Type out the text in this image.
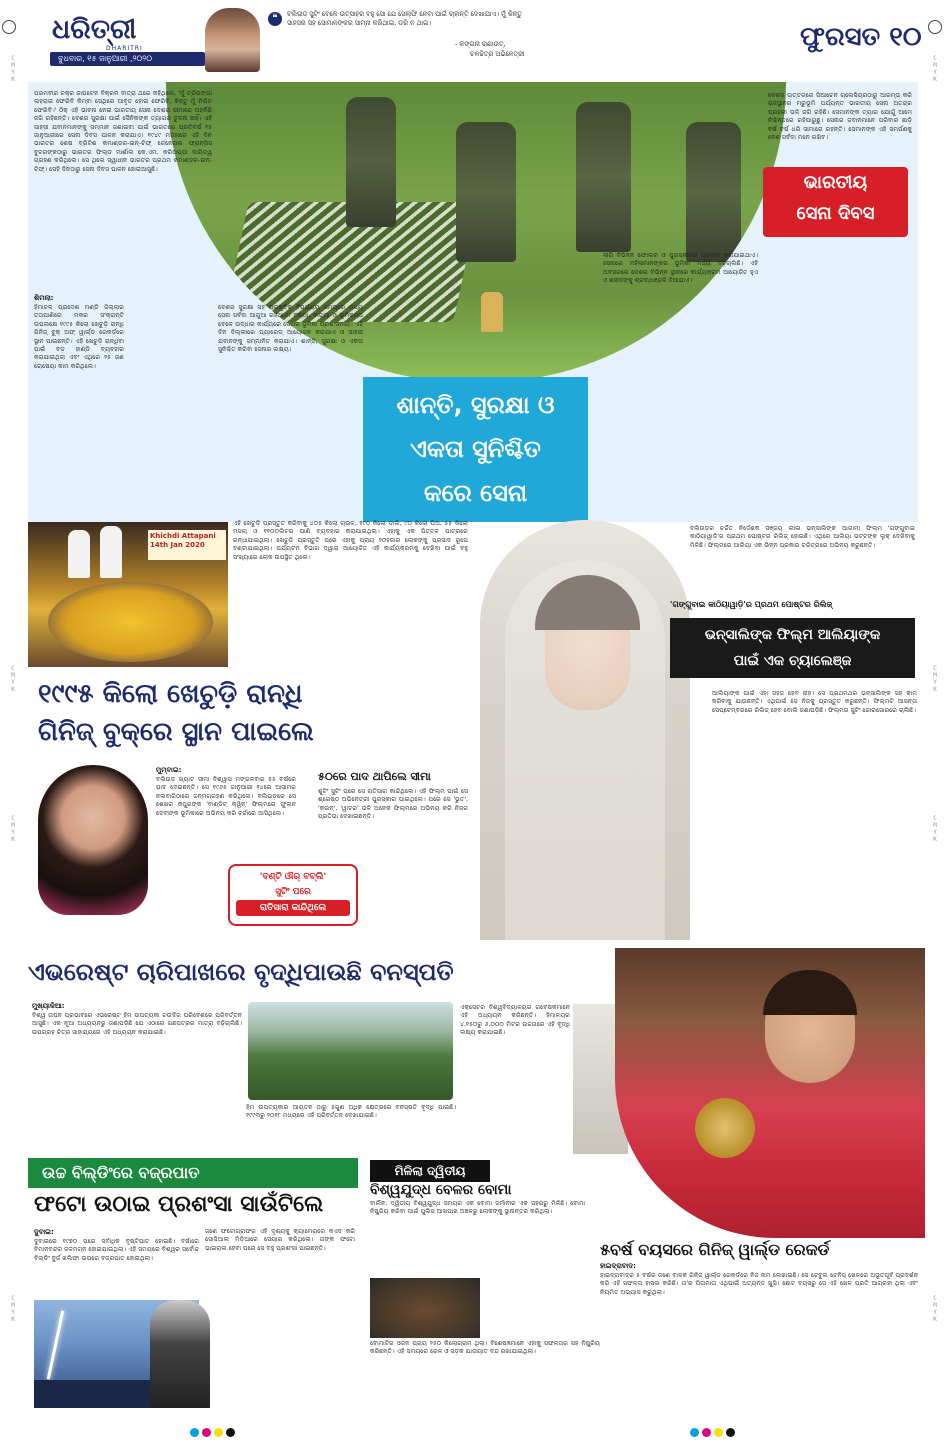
ଧରିତ୍ରୀ
DHARITRI
ବୁଧବାର, ୧୫ ଜାନୁଆରୀ ,୨୦୨୦
❝	ବଲିଉଡ଼ ସୁଟିଂ ବେଳେ ଉତ୍ସାହର ବହୁ ସୋ ଯେ ସେଲ୍‌ଫି ନେବା ପାଇଁ ଚାହାନ୍ତି ଦେଖାଯାଏ। ମୁଁ କିନ୍ତୁ ସାହସର ସହ ସୋମାନଙ୍କର ସାମ୍ନା କରିଥାଇ, ଡରି ନ ଥାଇ।
- କଙ୍ଗନା ରାଣାଉତ୍‌,
ଚଳଚ୍ଚିତ୍ର ଅଭିନେତ୍ରୀ
ଫୁରସତ ୧୦
C
M
Y
K
C
M
Y
K
C
M
Y
K
C
M
Y
K
C
M
Y
K
C
M
Y
K
C
M
Y
K
C
M
Y
K
ଭାରତୀୟ
ସେନା ଦିବସ
ପରମବୀର ଚକ୍ର ଜାପଟେନ ବିକ୍ରମ ବାତ୍ରା ଥରେ କହିଥିଲେ, 'ମୁଁ ତ୍ରିରଙ୍ଗା ଲହରାଇ ଫେରିବି କିମ୍ବା ସେଥିରେ ଆବୃତ ହୋଇ ଫେରିବି, କିନ୍ତୁ ମୁଁ ନିଶ୍ଚିତ ଫେରିବି।' ଠିକ୍ ଏହି ଭାବନା ନେଇ ଭାରତୀୟ ସେନା ଦେଶର ସୀମାରେ ଅହର୍ନିଶି ଜଗି ରହିଛନ୍ତି। ଦେଶର ସୁରକ୍ଷା ପାଇଁ ସୈନିକଙ୍କ ତ୍ୟାଗର ତୁଳନା ନାହିଁ। ଏହି ସାହସୀ ଯବାନମାନଙ୍କୁ ସମ୍ମାନ ଜଣାଇବା ପାଇଁ ଭାରତରେ ପ୍ରତିବର୍ଷ ୧୫ ଜାନୁଆରୀରେ ସେନା ଦିବସ ପାଳନ କରାଯାଏ। ୧୯୪୯ ମସିହାରେ ଏହି ଦିନ ଭାରତର ଶେଷ ବ୍ରିଟିଶ କମାଣ୍ଡର-ଇନ୍‌-ଚିଫ୍ ଜେନେରାଲ ଫ୍ରାନ୍ସିସ ବୁଚରଙ୍କଠାରୁ ଭାରତର ଫିଲ୍ଡ ମାର୍ଶାଲ କେ.ଏମ. କରିଅପ୍ପା ଦାୟିତ୍ୱ ଗ୍ରହଣ କରିଥିଲେ। ସେ ଥିଲେ ସ୍ୱାଧୀନ ଭାରତର ପ୍ରଥମ କମାଣ୍ଡର-ଇନ୍‌-ଚିଫ୍। ସେହି ଦିନଠାରୁ ସେନା ଦିବସ ପାଳନ ହୋଇଆସୁଛି।
ଦେଶର ସୁରକ୍ଷା ସହ ପ୍ରାକୃତିକ ବିପର୍ଯ୍ୟୟ ସମୟରେ ମଧ୍ୟ ସେନା ସର୍ବଦା ଆଗୁଆ ରହିଥାଏ। ବନ୍ୟା, ବାତ୍ୟା ଓ ଭୂମିକମ୍ପ ବେଳେ ଉଦ୍ଧାର କାର୍ଯ୍ୟରେ ସେନାର ଭୂମିକା ପ୍ରଶଂସନୀୟ। ଏହି ଦିନ ଦିଲ୍ଲୀରେ ପ୍ୟାରେଡ୍ ଆୟୋଜନ କରାଯାଏ ଓ ସାହସୀ ଯବାନଙ୍କୁ ସମ୍ମାନିତ କରାଯାଏ। ଶାନ୍ତି, ସୁରକ୍ଷା ଓ ଏକତା ସୁନିଶ୍ଚିତ କରିବା ସେନାର ଲକ୍ଷ୍ୟ।
ଦେଶର ଉତ୍ତରରେ ସିଆଚେନ ଗ୍ଲେସିୟରଠାରୁ ଆରମ୍ଭ କରି ରାଜସ୍ଥାନର ମରୁଭୂମି ପର୍ଯ୍ୟନ୍ତ ଭାରତୀୟ ସେନା ଅତନ୍ଦ୍ର ପ୍ରହରୀ ଭଳି ଜଗି ରହିଛି। ସେମାନଙ୍କ ତ୍ୟାଗ ଯୋଗୁଁ ଆମେ ନିଶ୍ଚିନ୍ତରେ ରହିପାରୁଛୁ। ସେନାର ଜବାନମାନେ ପରିବାର ଛାଡ଼ି ବର୍ଷ ବର୍ଷ ଧରି ସୀମାରେ ରହନ୍ତି। ସେମାନଙ୍କ ଏହି ସମର୍ପଣକୁ ଦେଶ ସର୍ବଦା ମନେ ରଖିବ।
ଲାଗି ବିଭିନ୍ନ ଫୋଲର ଓ ପୁରସ୍କାରର ପ୍ରଦାନ କରାଯାଇଥାଏ। ସେନାରେ ମହିଳାମାନଙ୍କର ଭୂମିକା ମଧ୍ୟ ବଢ଼ିଚାଲିଛି। ଏହି ଅବସରରେ ଦେଶର ବିଭିନ୍ନ ସ୍ଥାନରେ କାର୍ଯ୍ୟକ୍ରମ ଆୟୋଜିତ ହୁଏ ଓ ଶହୀଦଙ୍କୁ ଶ୍ରଦ୍ଧାଞ୍ଜଳି ଦିଆଯାଏ।
ଶାନ୍ତି, ସୁରକ୍ଷା ଓ
ଏକତା ସୁନିଶ୍ଚିତ
କରେ ସେନା
ଶିମଲା:
ହିମାଚଳ ପ୍ରଦେଶ ମଣ୍ଡି ଜିଲ୍ଲାର ତତାପାଣିରେ ମକର ସଂକ୍ରାନ୍ତି ଉପଲକ୍ଷେ ୧୯୯୫ କିଲୋ ଖେଚୁଡ଼ି ରାନ୍ଧି ଗିନିଜ୍ ବୁକ୍ ଅଫ୍ ୱାର୍ଲ୍ଡ ରେକର୍ଡରେ ସ୍ଥାନ ପାଇଛନ୍ତି। ଏହି ଖେଚୁଡ଼ି ରାନ୍ଧିବା ପାଇଁ ବଡ଼ ହାଣ୍ଡି ବ୍ୟବହାର କରାଯାଇଥିଲା ଏବଂ ଏଥିରେ ୨୫ ଜଣ ରୋଷେୟା କାମ କରିଥିଲେ।
Khichdi Attapani 14th Jan 2020
ଏହି ଖେଚୁଡ଼ି ପ୍ରସ୍ତୁତ କରିବାକୁ ୪୦୫ କିଲୋ ଚାଉଳ, ୧୯୦ କିଲୋ ଡାଲି, ୯୦ କିଲୋ ଘିଅ, ୫୫ କିଲୋ ମସଲା ଓ ୧୧୦୦ଲିଟର ପାଣି ବ୍ୟବହାର କରାଯାଇଥିଲା। ଏହାକୁ ଏକ ପିତ୍ତଳ ପାତ୍ରରେ ରନ୍ଧାଯାଇଥିଲା। ଖେଚୁଡ଼ି ପ୍ରସ୍ତୁତି ପରେ ଏହାକୁ ପ୍ରାୟ ୨୦ହଜାର ଲୋକଙ୍କୁ ପ୍ରସାଦ ରୂପେ ବଣ୍ଟାଯାଇଥିଲା। ପର୍ଯ୍ୟଟନ ବିଭାଗ ଦ୍ୱାରା ଆୟୋଜିତ ଏହି କାର୍ଯ୍ୟକ୍ରମକୁ ଦେଖିବା ପାଇଁ ବହୁ ସଂଖ୍ୟାରେ ଲୋକ ଉପସ୍ଥିତ ଥିଲେ।
୧୯୯୫ କିଲୋ ଖେଚୁଡ଼ି ରାନ୍ଧି
ଗିନିଜ୍ ବୁକ୍‌ରେ ସ୍ଥାନ ପାଇଲେ
ମୁମ୍ବାଇ:
ବଲିଉଡ଼ ଖ୍ୟାତ ସୀମା ବିଶ୍ୱାସ ମଙ୍ଗଳବାର ୫୫ ବର୍ଷରେ ପାଦ ଦେଇଛନ୍ତି। ସେ ୧୯୬୫ ଜାନୁଆରୀ ୧୪ରେ ଆସାମର ନଲବାରିଠାରେ ଜନ୍ମଗ୍ରହଣ କରିଥିଲେ। ବଲିଉଡ଼ରେ ସେ ଶେଖର କପୁରଙ୍କ 'ବାଣ୍ଡିଟ୍ କ୍ୱିନ୍' ଫିଲ୍ମରେ ଫୁଲନ ଦେବୀଙ୍କ ଭୂମିକାରେ ଅଭିନୟ କରି ଚର୍ଚ୍ଚାରେ ଆସିଥିଲେ।
୫୦ରେ ପାଦ ଥାପିଲେ ସୀମା
ଶୁଟିଂ ସୁଟିଂ ପରେ ସେ ରାତିସାରା କାନ୍ଦିଥିଲେ। ଏହି ଫିଲ୍ମ ପାଇଁ ସେ ଶ୍ରେଷ୍ଠ ଅଭିନେତ୍ରୀ ପୁରସ୍କାର ପାଇଥିଲେ। ପରେ ସେ 'ଭୁତ', 'କଉନ୍', 'ୱାଟର' ଭଳି ଅନେକ ଫିଲ୍ମରେ ଅଭିନୟ କରି ନିଜର ପ୍ରତିଭା ଦେଖାଇଛନ୍ତି।
'ବଣ୍ଟି ଔର୍ ବବ୍‌ଲି'
ସୁଟିଂ ପରେ
ରାତିସାରା କାନ୍ଦିଥିଲେ
ବଲିଉଡ଼ର ଚର୍ଚ୍ଚିତ ନିର୍ଦ୍ଦେଶକ ସଞ୍ଜୟ ଲୀଳା ଭନ୍‌ସାଲିଙ୍କ ଆଗାମୀ ଫିଲ୍ମ 'ଗଙ୍ଗୁବାଇ କାଠିୟାୱାଡ଼ି'ର ପ୍ରଥମ ପୋଷ୍ଟର ରିଲିଜ୍ ହୋଇଛି। ଏଥିରେ ଆଲିୟା ଭଟ୍ଟଙ୍କ ଲୁକ୍ ଦେଖିବାକୁ ମିଳିଛି। ଫିଲ୍ମରେ ଆଲିୟା ଏକ ଭିନ୍ନ ପ୍ରକାର ଚରିତ୍ରରେ ଅଭିନୟ କରୁଛନ୍ତି।
'ଗଙ୍ଗୁବାଇ କାଠିୟାୱାଡ଼ି'ର ପ୍ରଥମ ପୋଷ୍ଟର ରିଲିଜ୍
ଭନ୍‌ସାଲିଙ୍କ ଫିଲ୍ମ ଆଲିୟାଙ୍କ
ପାଇଁ ଏକ ଚ୍ୟାଲେଞ୍ଜ
ଆଲିୟାଙ୍କ ପାଇଁ ଏହା ସହଜ ହେବ ନାହିଁ। ସେ ପ୍ରଥମଥର ଭନ୍‌ସାଲିଙ୍କ ସହ କାମ କରିବାକୁ ଯାଉଛନ୍ତି। ଏଥିପାଇଁ ସେ ନିଜକୁ ପ୍ରସ୍ତୁତ କରୁଛନ୍ତି। ଫିଲ୍ମଟି ଆସନ୍ତା ସେପ୍ଟେମ୍ବରରେ ରିଲିଜ୍ ହେବ ବୋଲି ଜଣାପଡ଼ିଛି। ଫିଲ୍ମର ସୁଟିଂ ଜୋରସୋରରେ ଚାଲିଛି।
ଏଭରେଷ୍ଟ ଚାରିପାଖରେ ବୃଦ୍ଧିପାଉଛି ବନସ୍ପତି
ମୁଖ୍ୟାଳିଆ:
ବିଶ୍ୱ ତାପନ ପ୍ରଭାବରେ ଏଭରେଷ୍ଟ ହିମ ଉପତ୍ୟକା ଚଉଦିଗ ପରିବେଶରେ ପରିବର୍ତ୍ତନ ଆସୁଛି। ଏକ ନୂଆ ଅଧ୍ୟୟନରୁ ଜଣାପଡ଼ିଛି ଯେ ଏଠାରେ ଗଛପତ୍ରର ମାତ୍ରା ବଢ଼ିଚାଲିଛି। ଉପଗ୍ରହ ଚିତ୍ର ସାହାଯ୍ୟରେ ଏହି ଅଧ୍ୟୟନ କରାଯାଇଛି।
ହିମ ଉପତ୍ୟକାର ଆୟତନ ଠାରୁ ୫ଗୁଣ ଅଧିକ କ୍ଷେତ୍ରରେ ବନସ୍ପତି ବୃଦ୍ଧି ପାଇଛି। ୧୯୯୩ରୁ ୨୦୧୮ ମଧ୍ୟରେ ଏହି ପରିବର୍ତ୍ତନ ଦେଖାଯାଇଛି।
ଏକ୍ସେଟର ବିଶ୍ୱବିଦ୍ୟାଳୟର ଗବେଷକମାନେ ଏହି ଅଧ୍ୟୟନ କରିଛନ୍ତି। ହିମାଳୟର ୪,୧୫୦ରୁ ୬,୦୦୦ ମିଟର ଉଚ୍ଚତାରେ ଏହି ବୃଦ୍ଧି ଲକ୍ଷ୍ୟ କରାଯାଇଛି।
୫ବର୍ଷ ବୟସରେ ଗିନିଜ୍ ୱାର୍ଲ୍ଡ ରେକର୍ଡ
ହାଇଦ୍ରାବାଦ:
ହାଇଦ୍ରାବାଦର ୫ ବର୍ଷର ଜଣେ ବାଳକ ଗିନିଜ୍ ୱାର୍ଲ୍ଡ ରେକର୍ଡରେ ନିଜ ନାମ ଲେଖାଇଛି। ସେ ଟେବୁଲ ଟେନିସ୍ ଖେଳରେ ଅଭୂତପୂର୍ବ ପ୍ରଦର୍ଶନ କରି ଏହି ସଫଳତା ହାସଲ କରିଛି। ତା'ର ପିତାମାତା ଏଥିପାଇଁ ଅତ୍ୟନ୍ତ ଖୁସି। ଛୋଟ ବୟସରୁ ସେ ଏହି ଖେଳ ପ୍ରତି ଆଗ୍ରହୀ ଥିଲା ଏବଂ ନିୟମିତ ଅଭ୍ୟାସ କରୁଥିଲା।
ଉଚ୍ଚ ବିଲ୍ଡିଂରେ ବଜ୍ରପାତ
ଫଟୋ ଉଠାଇ ପ୍ରଶଂସା ସାଉଁଟିଲେ
ଦୁବାଇ:
ଦୁବାଇରେ ୧୯୭୦ ପରେ ସର୍ବାଧିକ ବୃଷ୍ଟିପାତ ହୋଇଛି। ବର୍ଷାରେ ବିମାନବନ୍ଦର ଜଳମଗ୍ନ ହୋଇଯାଇଥିଲା। ଏହି ସମୟରେ ବିଶ୍ୱର ସର୍ବୋଚ୍ଚ ବିଲ୍ଡିଂ ବୁର୍ଜ ଖଲିଫା ଉପରେ ବଜ୍ରପାତ ହୋଇଥିଲା।
ଜଣେ ଫଟୋଗ୍ରାଫର ଏହି ଦୃଶ୍ୟକୁ କ୍ୟାମେରାରେ କଏଦ କରି ସୋସିଆଲ ମିଡ଼ିଆରେ ସେୟାର କରିଥିଲେ। ତାଙ୍କ ଫଟୋ ଭାଇରାଲ ହେବା ପରେ ସେ ବହୁ ପ୍ରଶଂସା ପାଇଛନ୍ତି।
ମିଳିଲା ଦ୍ୱିତୀୟ
ବିଶ୍ୱଯୁଦ୍ଧ ବେଳର ବୋମା
ବାର୍ଲିନ: ଦ୍ୱିତୀୟ ବିଶ୍ୱଯୁଦ୍ଧ ସମୟର ଏକ ବୋମା ଜର୍ମାନୀର ଏକ ସହରରୁ ମିଳିଛି। ବୋମା ନିଷ୍କ୍ରିୟ କରିବା ପାଇଁ ପୁଲିସ ଆଖପାଖ ଅଞ୍ଚଳରୁ ଲୋକଙ୍କୁ ସ୍ଥାନାନ୍ତର କରିଥିଲା।
ବୋମାଟିର ଓଜନ ପ୍ରାୟ ୨୫୦ କିଲୋଗ୍ରାମ ଥିଲା। ବିଶେଷଜ୍ଞମାନେ ଏହାକୁ ସଫଳତାର ସହ ନିଷ୍କ୍ରିୟ କରିଛନ୍ତି। ଏହି ସମୟରେ ରେଳ ଓ ସଡ଼କ ଯାତାୟାତ ବନ୍ଦ ରଖାଯାଇଥିଲା।
